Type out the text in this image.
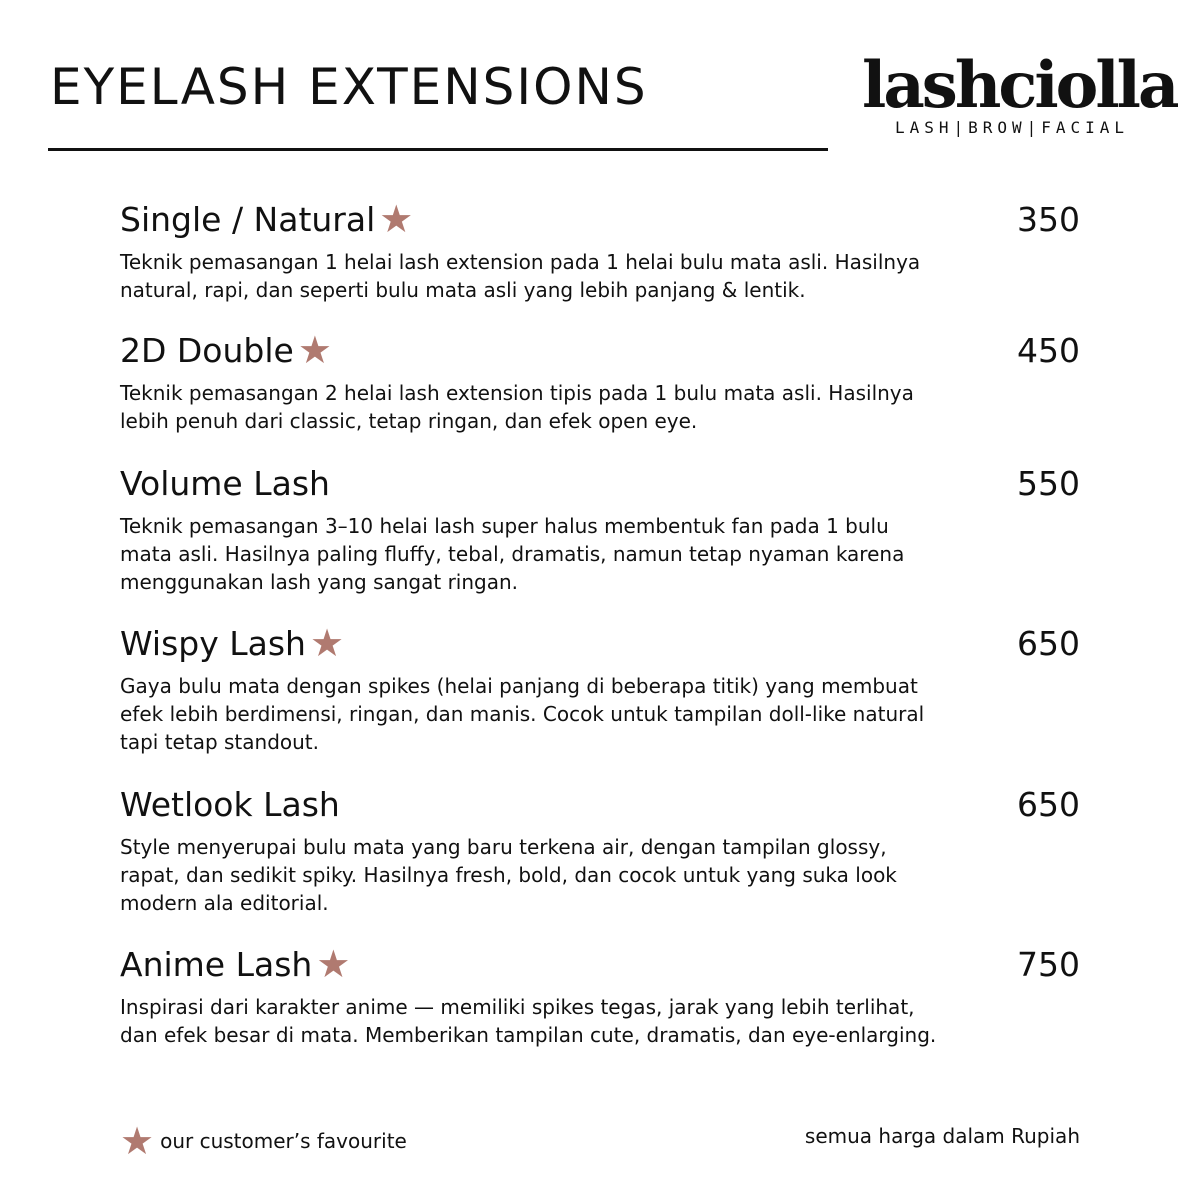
EYELASH EXTENSIONS	lashciolla
LASH|BROW|FACIAL
Single / Natural ★	350
Teknik pemasangan 1 helai lash extension pada 1 helai bulu mata asli. Hasilnya natural, rapi, dan seperti bulu mata asli yang lebih panjang & lentik.
2D Double ★	450
Teknik pemasangan 2 helai lash extension tipis pada 1 bulu mata asli. Hasilnya lebih penuh dari classic, tetap ringan, dan efek open eye.
Volume Lash	550
Teknik pemasangan 3–10 helai lash super halus membentuk fan pada 1 bulu mata asli. Hasilnya paling fluffy, tebal, dramatis, namun tetap nyaman karena menggunakan lash yang sangat ringan.
Wispy Lash ★	650
Gaya bulu mata dengan spikes (helai panjang di beberapa titik) yang membuat efek lebih berdimensi, ringan, dan manis. Cocok untuk tampilan doll-like natural tapi tetap standout.
Wetlook Lash	650
Style menyerupai bulu mata yang baru terkena air, dengan tampilan glossy, rapat, dan sedikit spiky. Hasilnya fresh, bold, dan cocok untuk yang suka look modern ala editorial.
Anime Lash ★	750
Inspirasi dari karakter anime — memiliki spikes tegas, jarak yang lebih terlihat, dan efek besar di mata. Memberikan tampilan cute, dramatis, dan eye-enlarging.
★ our customer’s favourite	semua harga dalam Rupiah
